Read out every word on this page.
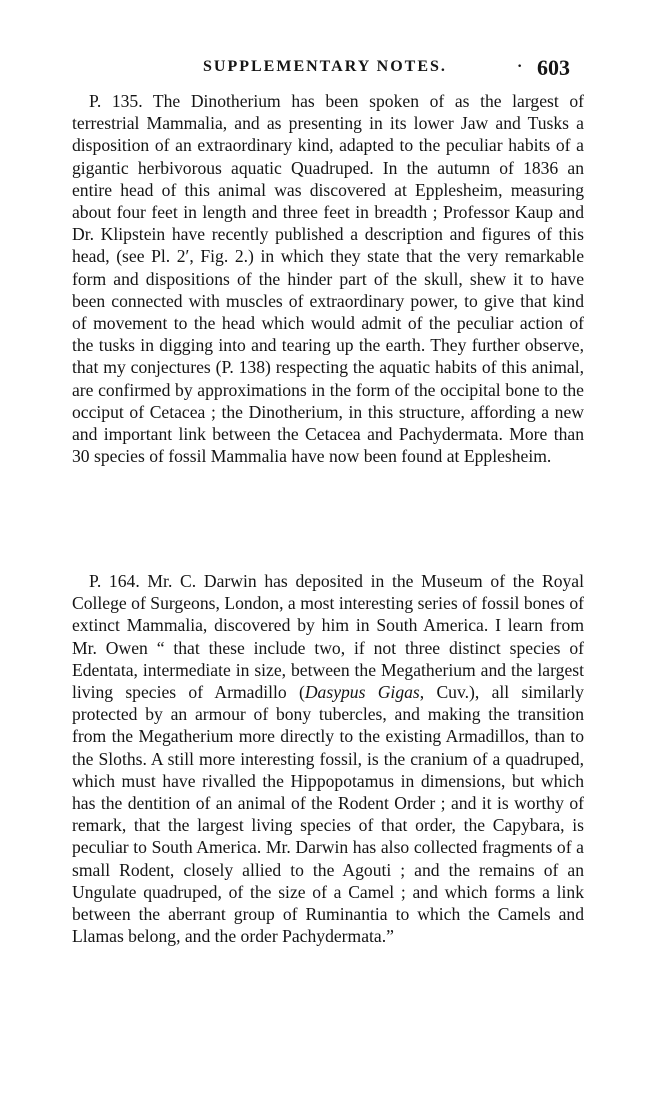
SUPPLEMENTARY NOTES.	· 603

P. 135. The Dinotherium has been spoken of as the largest of terrestrial Mammalia, and as presenting in its lower Jaw and Tusks a disposition of an extraordinary kind, adapted to the peculiar habits of a gigantic herbivorous aquatic Quadruped. In the autumn of 1836 an entire head of this animal was discovered at Epplesheim, measuring about four feet in length and three feet in breadth ; Professor Kaup and Dr. Klipstein have recently published a description and figures of this head, (see Pl. 2′, Fig. 2.) in which they state that the very remarkable form and dispositions of the hinder part of the skull, shew it to have been connected with muscles of extraordinary power, to give that kind of movement to the head which would admit of the peculiar action of the tusks in digging into and tearing up the earth. They further observe, that my conjectures (P. 138) respecting the aquatic habits of this animal, are confirmed by approximations in the form of the occipital bone to the occiput of Cetacea ; the Dinotherium, in this structure, affording a new and important link between the Cetacea and Pachydermata. More than 30 species of fossil Mammalia have now been found at Epplesheim.

P. 164. Mr. C. Darwin has deposited in the Museum of the Royal College of Surgeons, London, a most interesting series of fossil bones of extinct Mammalia, discovered by him in South America. I learn from Mr. Owen “ that these include two, if not three distinct species of Edentata, intermediate in size, between the Megatherium and the largest living species of Armadillo (Dasypus Gigas, Cuv.), all similarly protected by an armour of bony tubercles, and making the transition from the Megatherium more directly to the existing Armadillos, than to the Sloths. A still more interesting fossil, is the cranium of a quadruped, which must have rivalled the Hippopotamus in dimensions, but which has the dentition of an animal of the Rodent Order ; and it is worthy of remark, that the largest living species of that order, the Capybara, is peculiar to South America. Mr. Darwin has also collected fragments of a small Rodent, closely allied to the Agouti ; and the remains of an Ungulate quadruped, of the size of a Camel ; and which forms a link between the aberrant group of Ruminantia to which the Camels and Llamas belong, and the order Pachydermata.”
